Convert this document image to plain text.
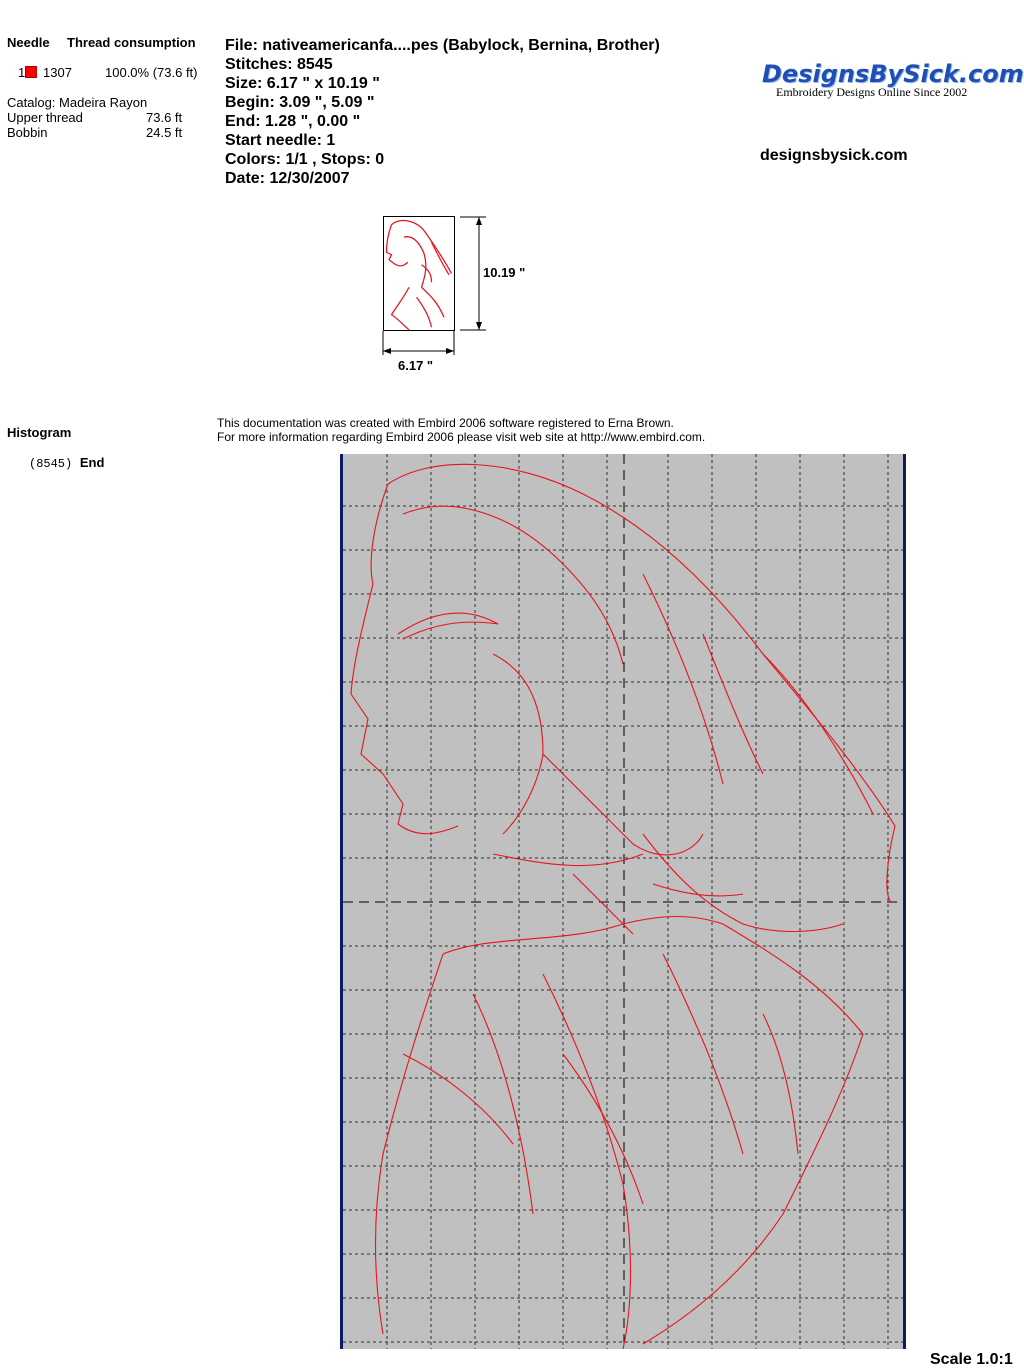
Needle Thread consumption
1	1307	100.0% (73.6 ft)
Catalog: Madeira Rayon
Upper thread	73.6 ft
Bobbin	24.5 ft
File: nativeamericanfa....pes (Babylock, Bernina, Brother)
Stitches: 8545
Size: 6.17 " x 10.19 "
Begin: 3.09 ", 5.09 "
End: 1.28 ", 0.00 "
Start needle: 1
Colors: 1/1 , Stops: 0
Date: 12/30/2007
DesignsBySick.com
Embroidery Designs Online Since 2002
designsbysick.com
10.19 "
6.17 "
Histogram
(8545) End
This documentation was created with Embird 2006 software registered to Erna Brown.
For more information regarding Embird 2006 please visit web site at http://www.embird.com.
Scale 1.0:1
